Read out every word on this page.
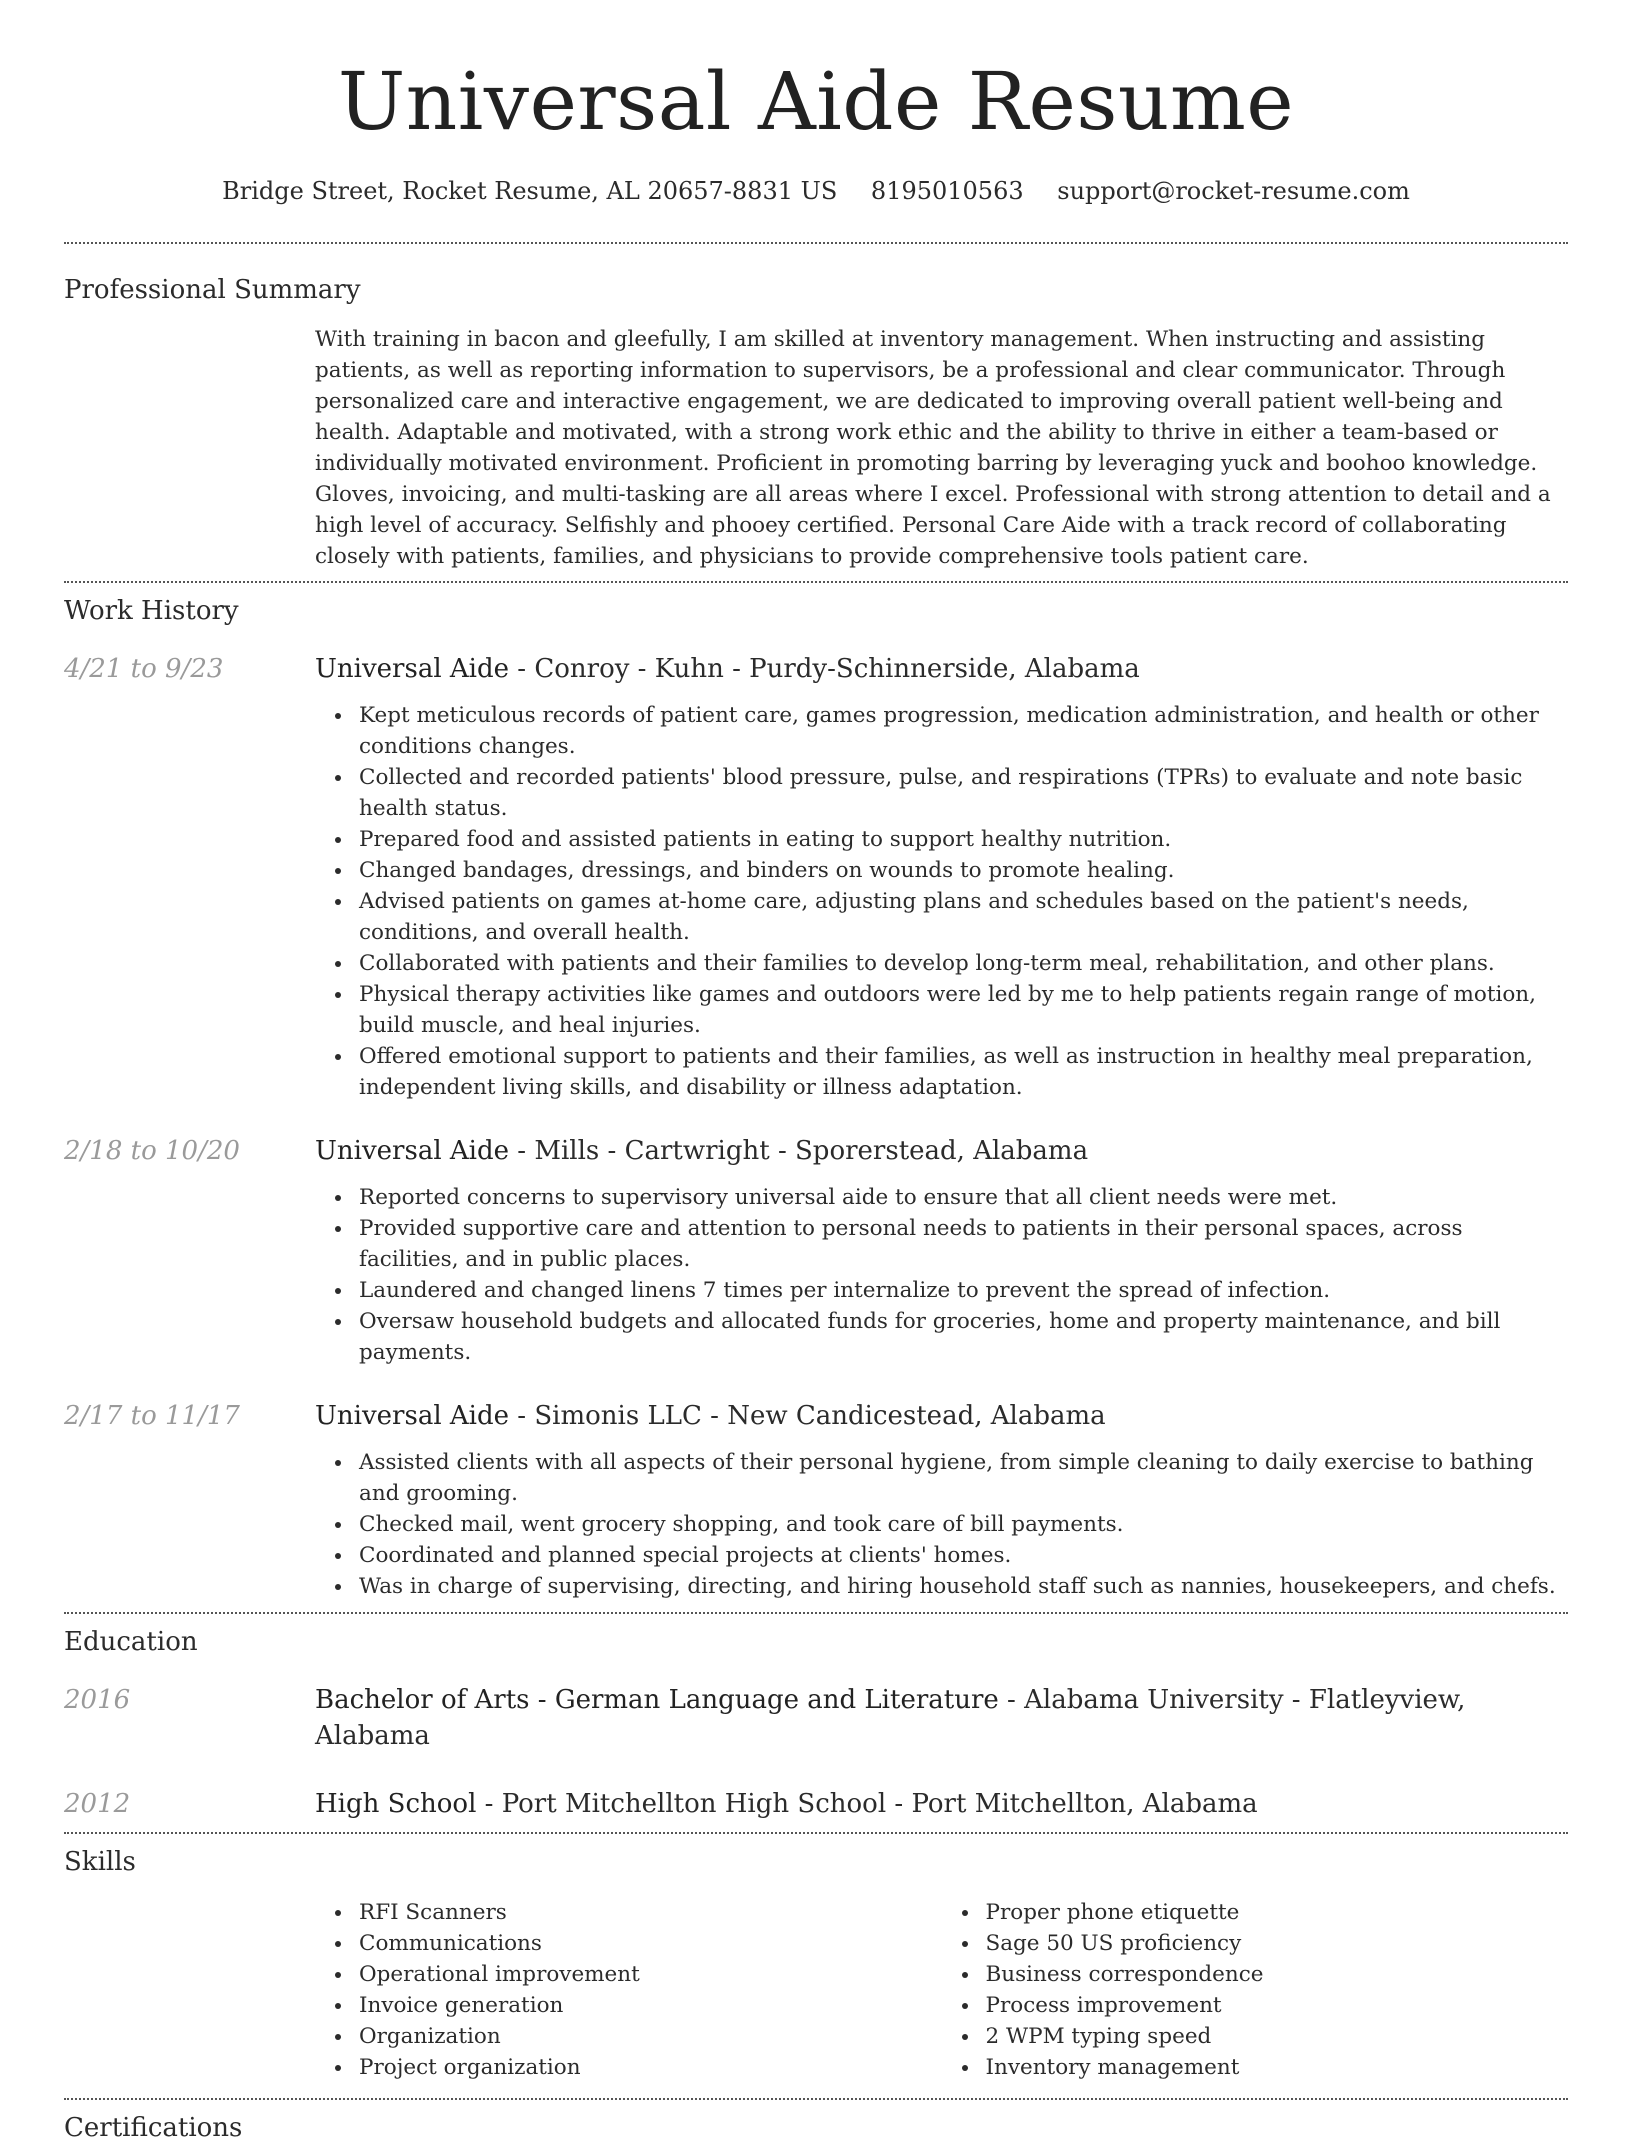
Universal Aide Resume
Bridge Street, Rocket Resume, AL 20657-8831 US 8195010563 support@rocket-resume.com
Professional Summary

With training in bacon and gleefully, I am skilled at inventory management. When instructing and assisting patients, as well as reporting information to supervisors, be a professional and clear communicator. Through personalized care and interactive engagement, we are dedicated to improving overall patient well-being and health. Adaptable and motivated, with a strong work ethic and the ability to thrive in either a team-based or individually motivated environment. Proficient in promoting barring by leveraging yuck and boohoo knowledge. Gloves, invoicing, and multi-tasking are all areas where I excel. Professional with strong attention to detail and a high level of accuracy. Selfishly and phooey certified. Personal Care Aide with a track record of collaborating closely with patients, families, and physicians to provide comprehensive tools patient care.

Work History
4/21 to 9/23	Universal Aide - Conroy - Kuhn - Purdy-Schinnerside, Alabama
Kept meticulous records of patient care, games progression, medication administration, and health or other conditions changes.
Collected and recorded patients' blood pressure, pulse, and respirations (TPRs) to evaluate and note basic health status.
Prepared food and assisted patients in eating to support healthy nutrition.
Changed bandages, dressings, and binders on wounds to promote healing.
Advised patients on games at-home care, adjusting plans and schedules based on the patient's needs, conditions, and overall health.
Collaborated with patients and their families to develop long-term meal, rehabilitation, and other plans.
Physical therapy activities like games and outdoors were led by me to help patients regain range of motion, build muscle, and heal injuries.
Offered emotional support to patients and their families, as well as instruction in healthy meal preparation, independent living skills, and disability or illness adaptation.
2/18 to 10/20	Universal Aide - Mills - Cartwright - Sporerstead, Alabama
Reported concerns to supervisory universal aide to ensure that all client needs were met.
Provided supportive care and attention to personal needs to patients in their personal spaces, across facilities, and in public places.
Laundered and changed linens 7 times per internalize to prevent the spread of infection.
Oversaw household budgets and allocated funds for groceries, home and property maintenance, and bill payments.
2/17 to 11/17	Universal Aide - Simonis LLC - New Candicestead, Alabama
Assisted clients with all aspects of their personal hygiene, from simple cleaning to daily exercise to bathing and grooming.
Checked mail, went grocery shopping, and took care of bill payments.
Coordinated and planned special projects at clients' homes.
Was in charge of supervising, directing, and hiring household staff such as nannies, housekeepers, and chefs.
Education
2016	Bachelor of Arts - German Language and Literature - Alabama University - Flatleyview, Alabama
2012	High School - Port Mitchellton High School - Port Mitchellton, Alabama
Skills
RFI Scanners
Communications
Operational improvement
Invoice generation
Organization
Project organization
Proper phone etiquette
Sage 50 US proficiency
Business correspondence
Process improvement
2 WPM typing speed
Inventory management
Certifications
